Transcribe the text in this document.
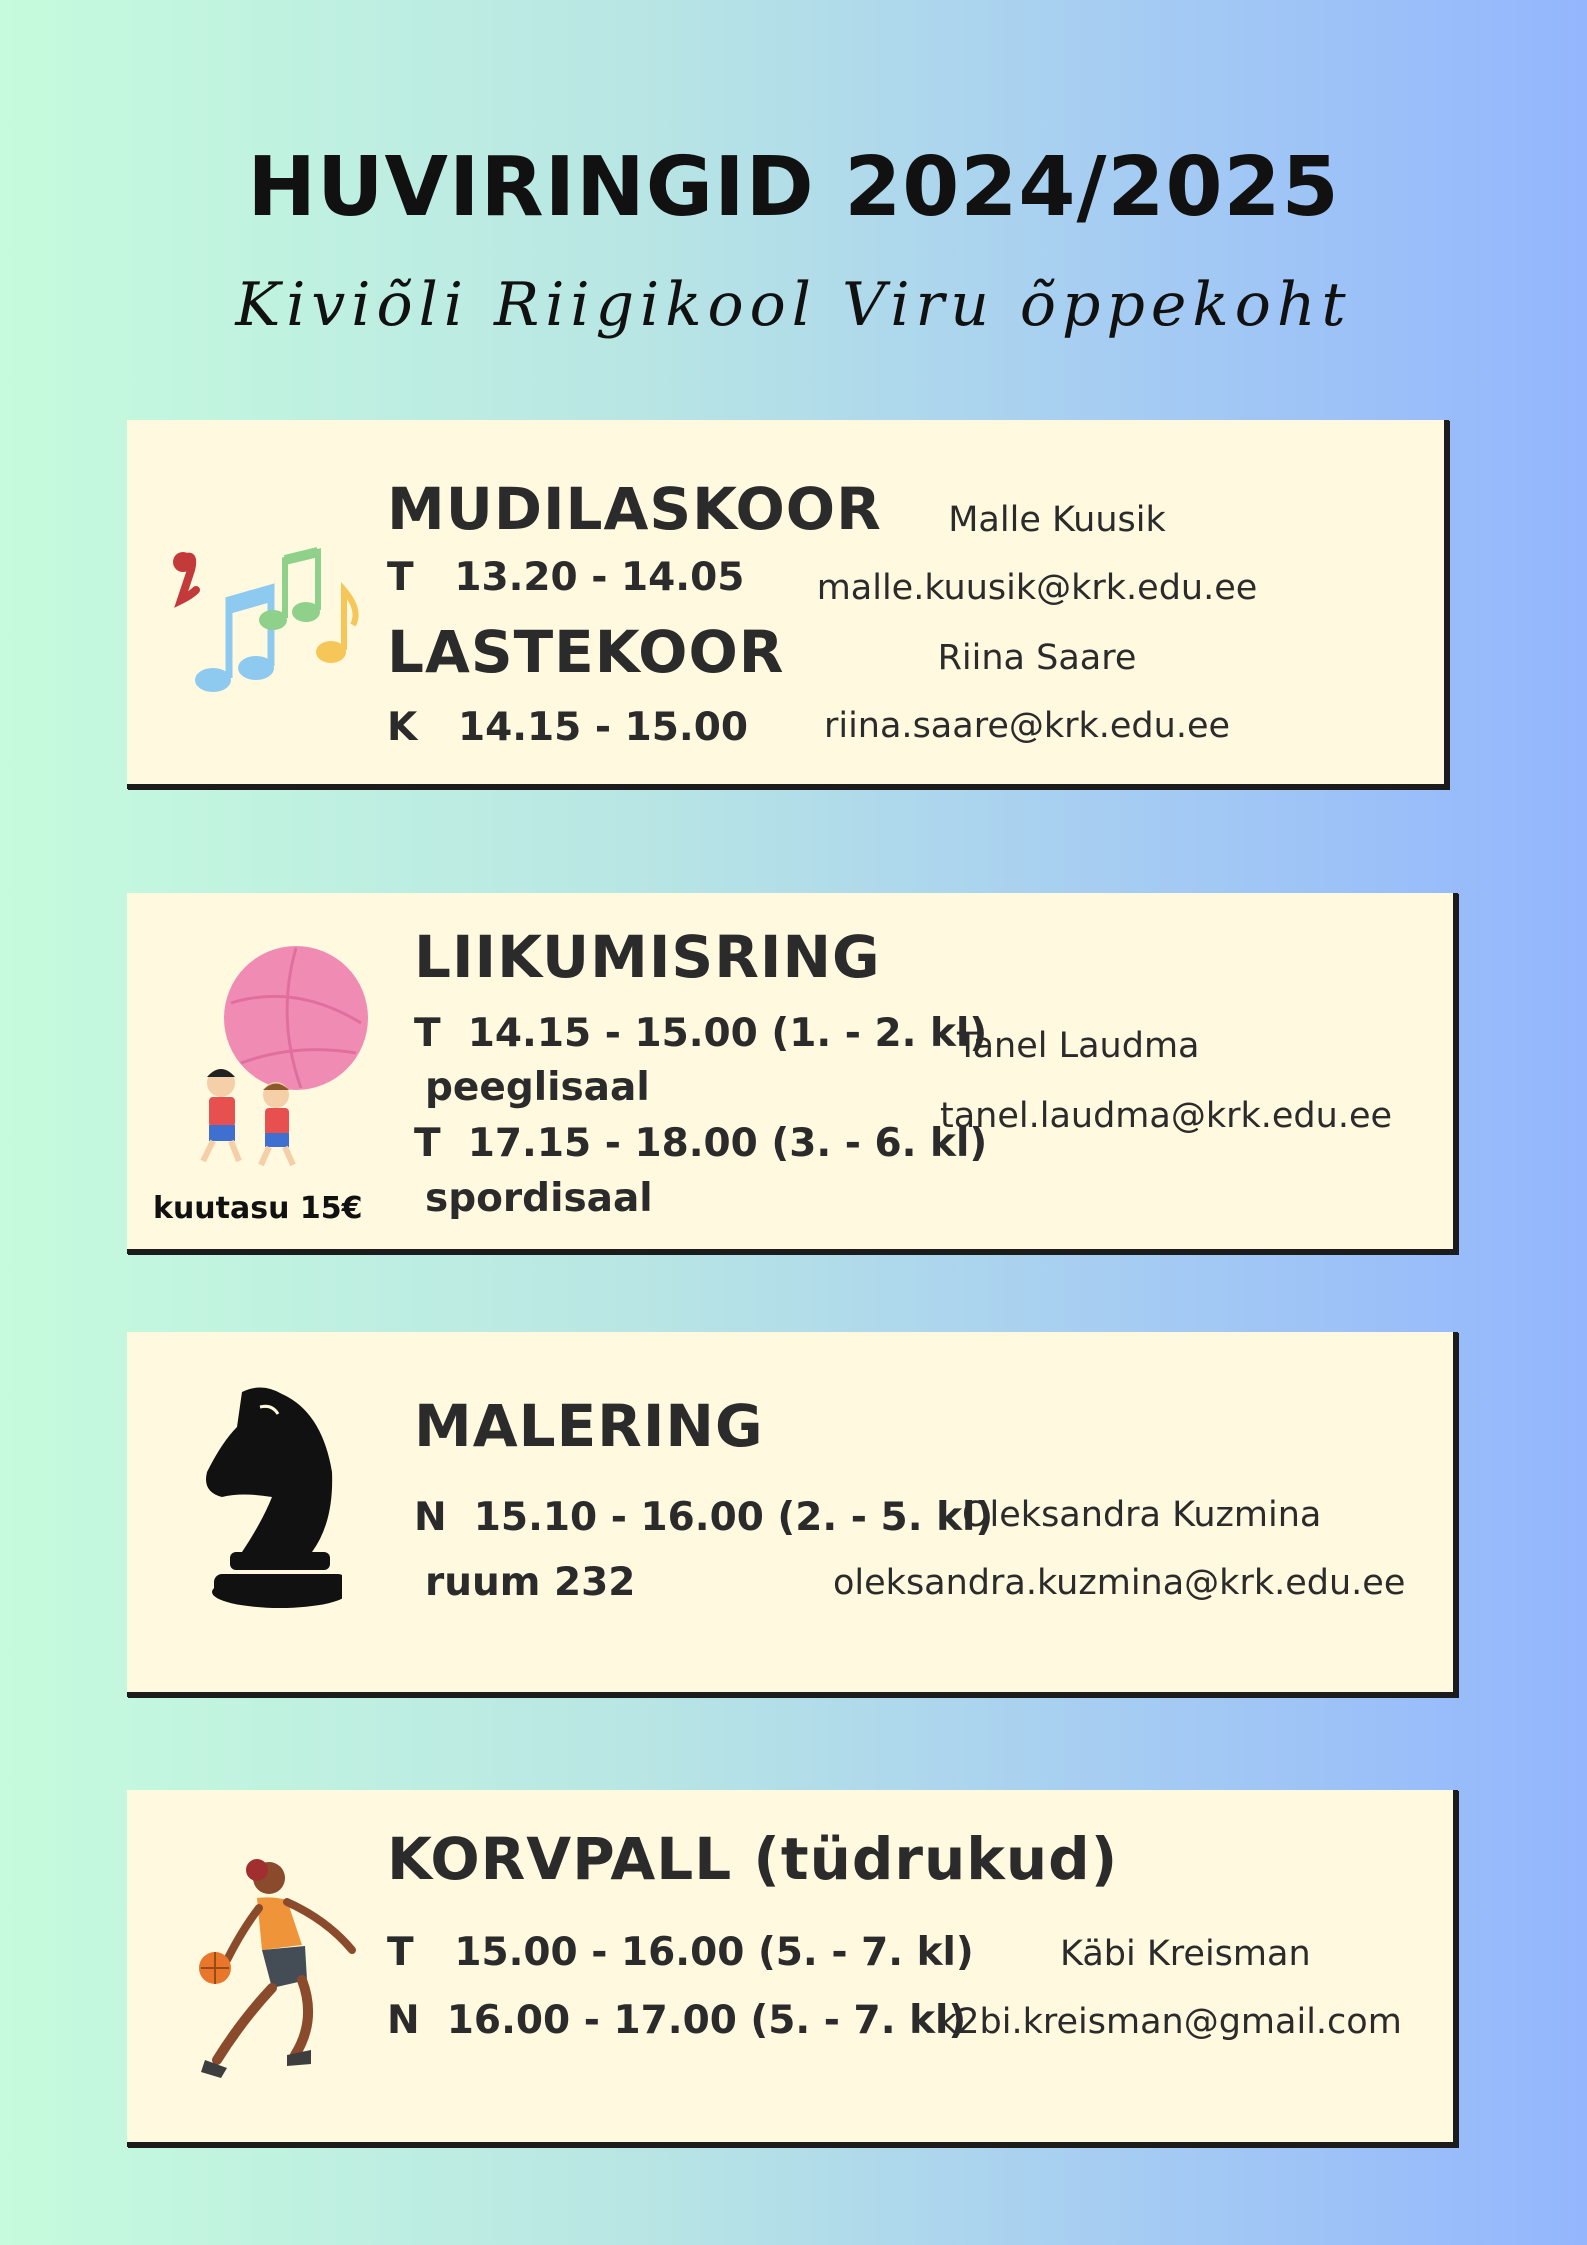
HUVIRINGID 2024/2025
Kiviõli Riigikool Viru õppekoht
MUDILASKOOR
T   13.20 - 14.05
LASTEKOOR
K   14.15 - 15.00
Malle Kuusik
malle.kuusik@krk.edu.ee
Riina Saare
riina.saare@krk.edu.ee
kuutasu 15€
LIIKUMISRING
T  14.15 - 15.00 (1. - 2. kl)
peeglisaal
T  17.15 - 18.00 (3. - 6. kl)
spordisaal
Tanel Laudma
tanel.laudma@krk.edu.ee
MALERING
N  15.10 - 16.00 (2. - 5. kl)
ruum 232
Oleksandra Kuzmina
oleksandra.kuzmina@krk.edu.ee
KORVPALL (tüdrukud)
T   15.00 - 16.00 (5. - 7. kl)
N  16.00 - 17.00 (5. - 7. kl)
Käbi Kreisman
k2bi.kreisman@gmail.com
